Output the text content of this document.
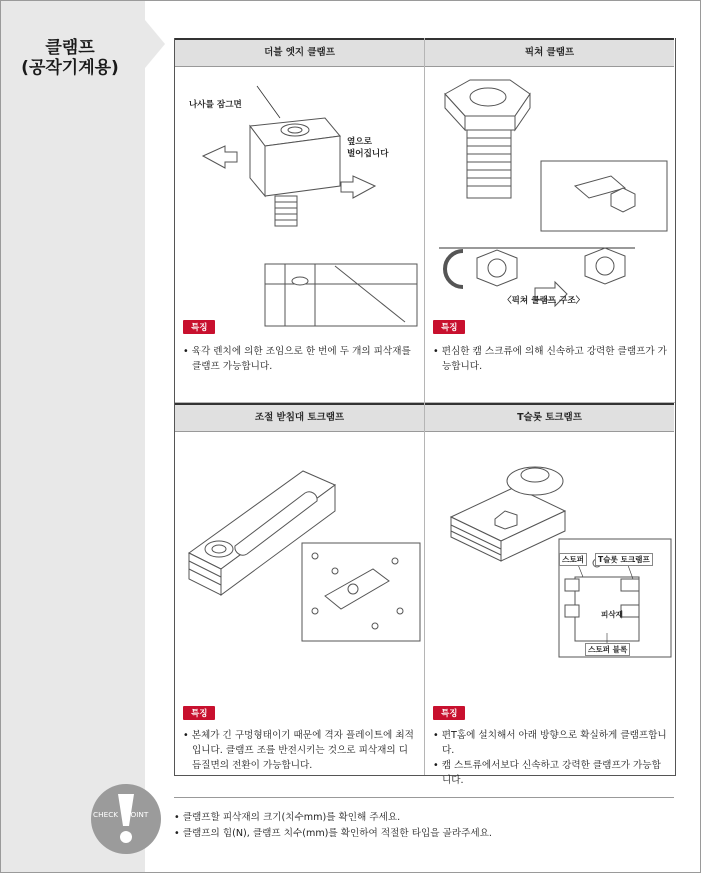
클램프
(공작기계용)
더블 엣지 클램프
나사를 잠그면
옆으로
벌어집니다
특징
• 육각 렌치에 의한 조임으로 한 번에 두 개의 피삭재를 클램프 가능합니다.
픽쳐 클램프
〈픽쳐 클램프 구조〉
특징
• 편심한 캠 스크류에 의해 신속하고 강력한 클램프가 가능합니다.
조절 받침대 토크램프
특징
• 본체가 긴 구멍형태이기 때문에 격자 플레이트에 최적입니다. 클램프 조를 반전시키는 것으로 피삭재의 디듬질면의 전환이 가능합니다.
T슬롯 토크램프
스토퍼	T슬롯 토크램프
피삭재
스토퍼 블록
특징
• 편T홈에 설치해서 아래 방향으로 확실하게 클램프합니다.
• 캠 스트류에서보다 신속하고 강력한 클램프가 가능합니다.
CHECK POINT	• 클램프할 피삭재의 크기(치수mm)를 확인해 주세요.
• 클램프의 힘(N), 클램프 치수(mm)를 확인하여 적절한 타입을 골라주세요.
